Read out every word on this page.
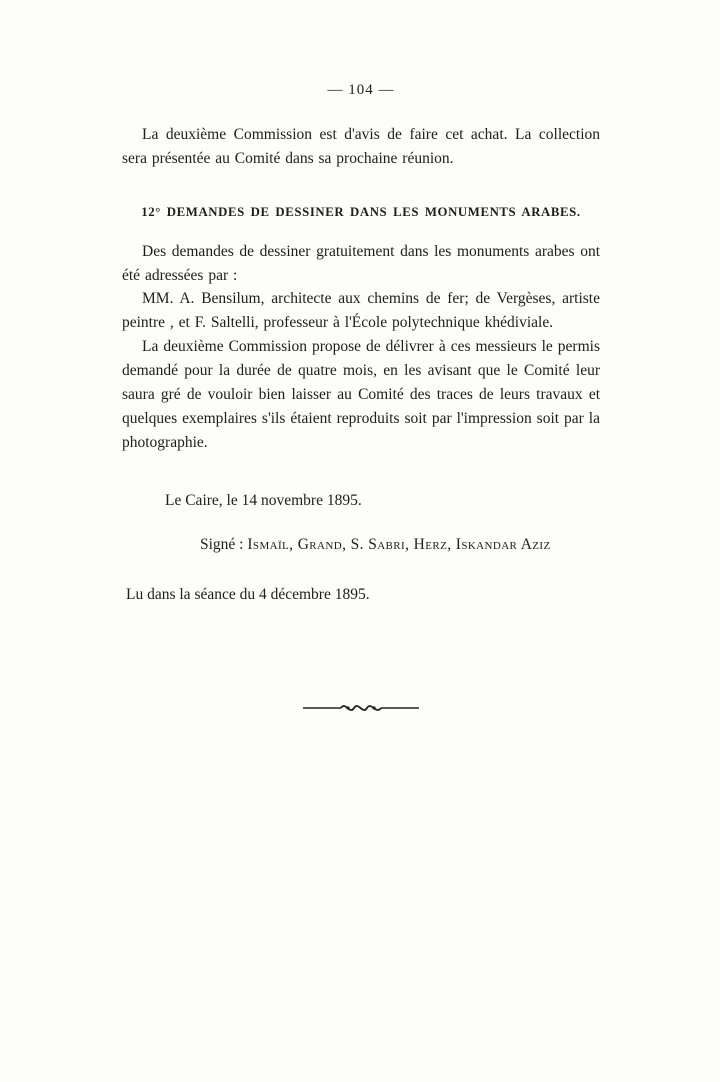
— 104 —

La deuxième Commission est d'avis de faire cet achat. La collection sera présentée au Comité dans sa prochaine réunion.

12° DEMANDES DE DESSINER DANS LES MONUMENTS ARABES.

Des demandes de dessiner gratuitement dans les monuments arabes ont été adressées par :

MM. A. Bensilum, architecte aux chemins de fer; de Vergèses, artiste peintre , et F. Saltelli, professeur à l'École polytechnique khédiviale.

La deuxième Commission propose de délivrer à ces messieurs le permis demandé pour la durée de quatre mois, en les avisant que le Comité leur saura gré de vouloir bien laisser au Comité des traces de leurs travaux et quelques exemplaires s'ils étaient reproduits soit par l'impression soit par la photographie.

Le Caire, le 14 novembre 1895.

Signé : Ismaïl, Grand, S. Sabri, Herz, Iskandar Aziz

Lu dans la séance du 4 décembre 1895.
